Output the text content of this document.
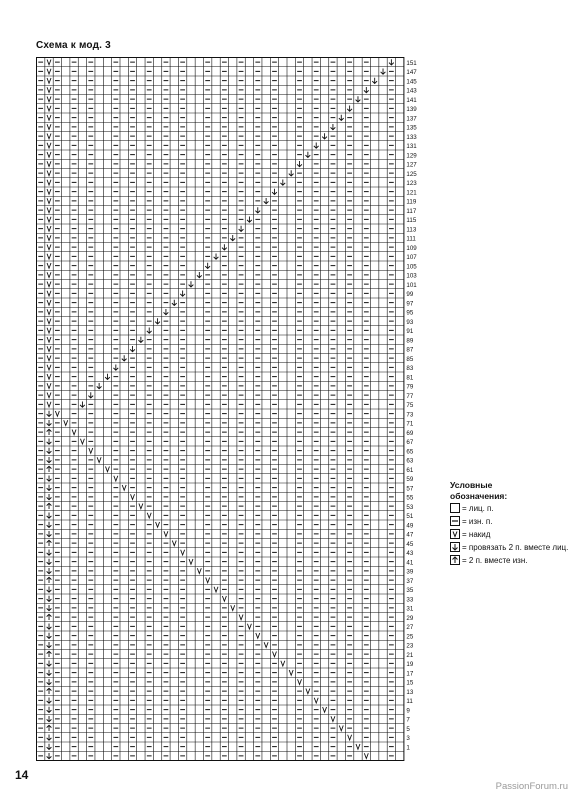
Схема к мод. 3
151
147
145
143
141
139
137
135
133
131
129
127
125
123
121
119
117
115
113
111
109
107
105
103
101
99
97
95
93
91
89
87
85
83
81
79
77
75
73
71
69
67
65
63
61
59
57
55
53
51
49
47
45
43
41
39
37
35
33
31
29
27
25
23
21
19
17
15
13
11
9
7
5
3
1
Условные
обозначения:
= лиц. п.
= изн. п.
= накид
= провязать 2 п. вместе лиц.
= 2 п. вместе изн.
14
PassionForum.ru
